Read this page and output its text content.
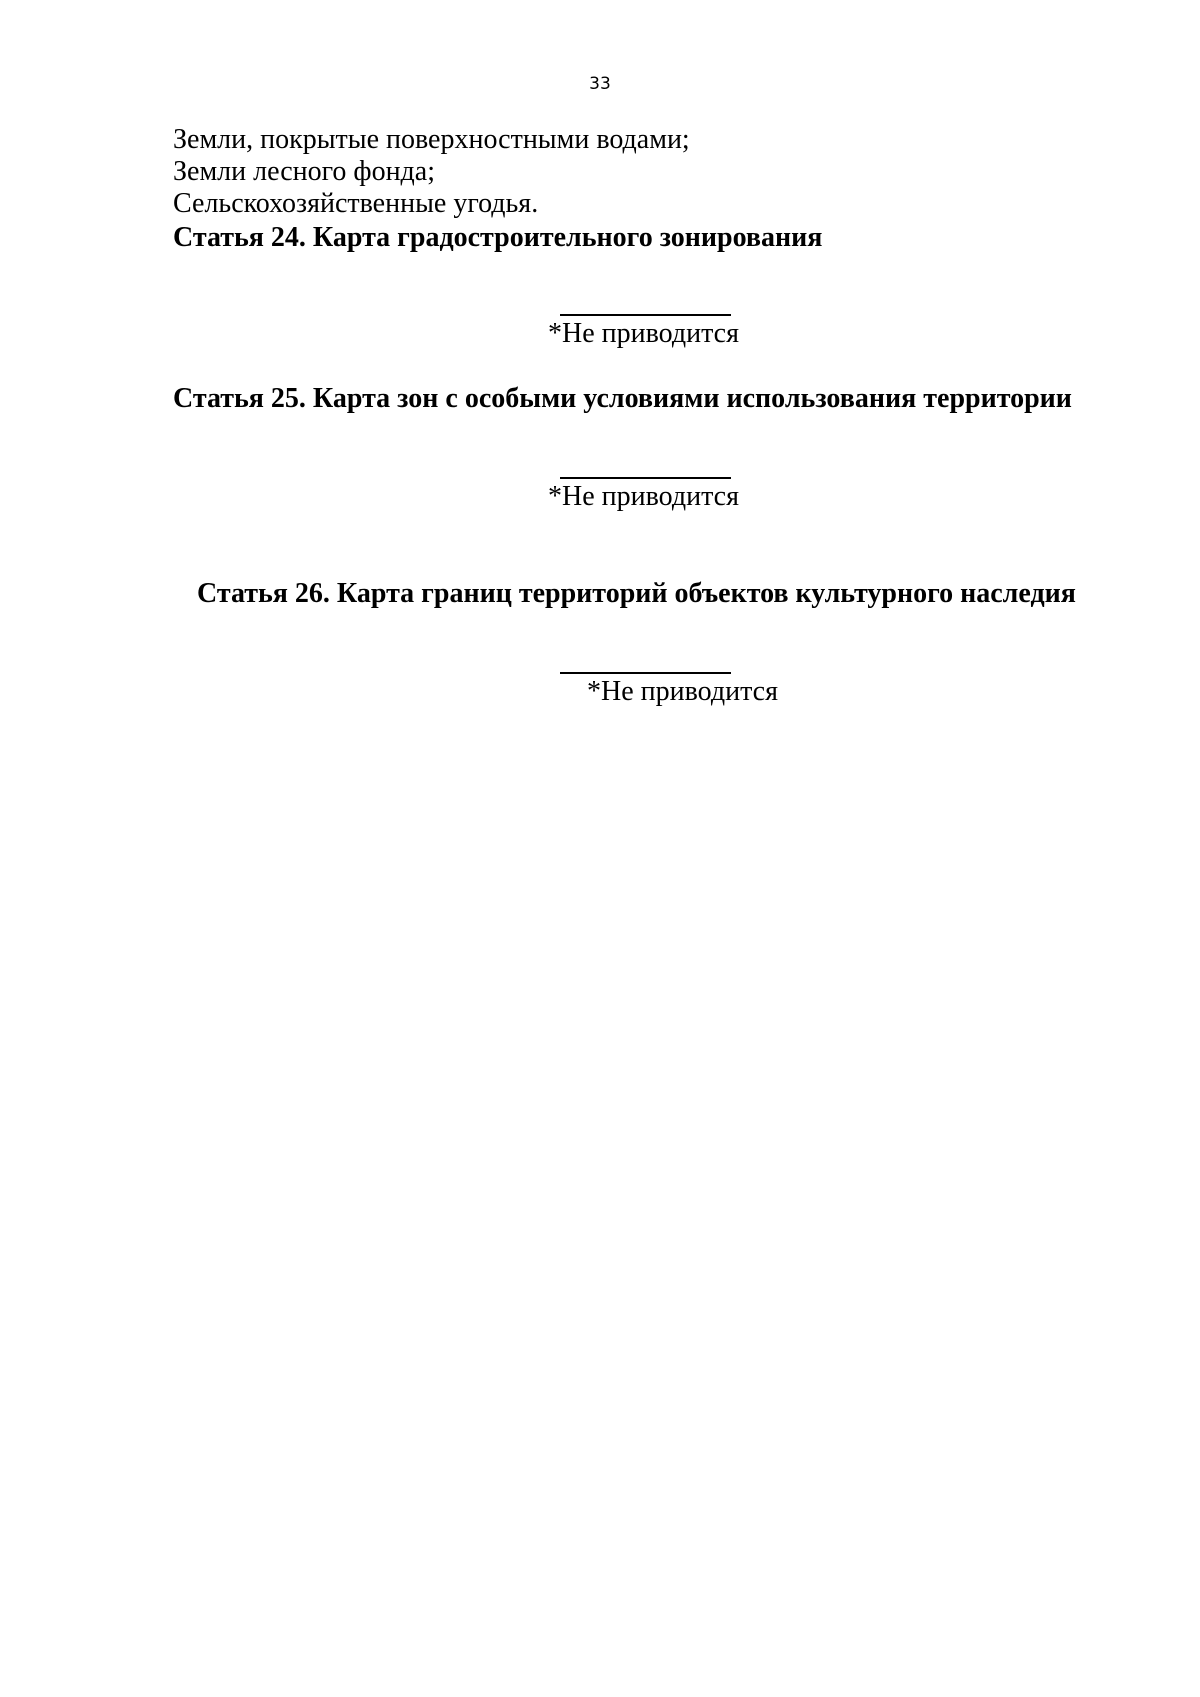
33
Земли, покрытые поверхностными водами;
Земли лесного фонда;
Сельскохозяйственные угодья.
Статья 24. Карта градостроительного зонирования
*Не приводится
Статья 25. Карта зон с особыми условиями использования территории
*Не приводится
Статья 26. Карта границ территорий объектов культурного наследия
*Не приводится
